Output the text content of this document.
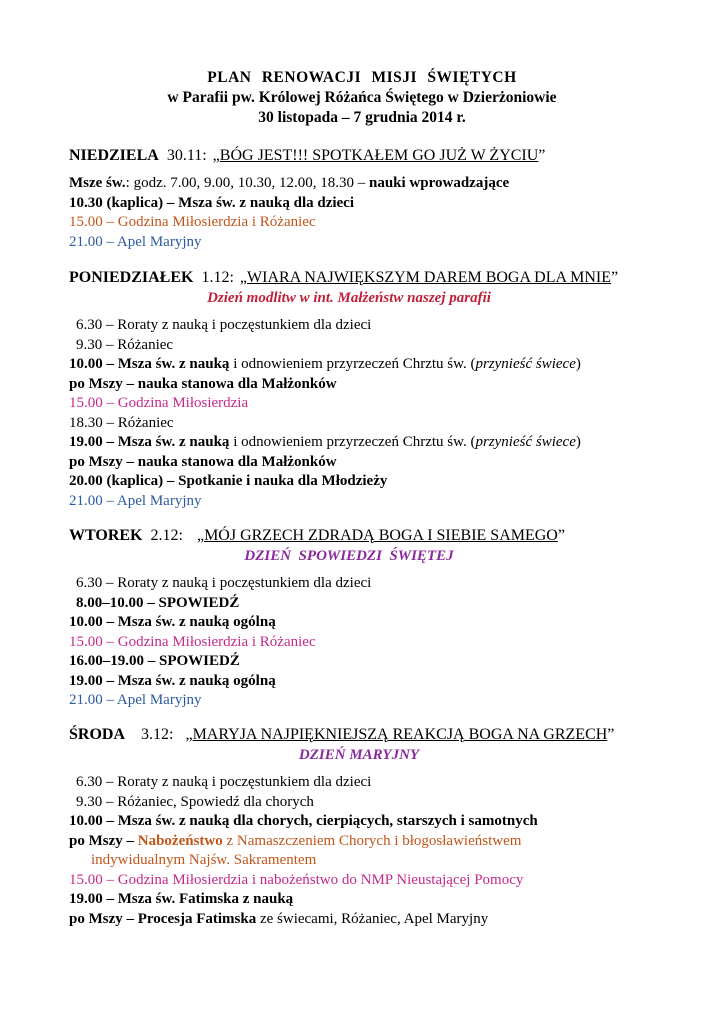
PLAN RENOWACJI MISJI ŚWIĘTYCH
w Parafii pw. Królowej Różańca Świętego w Dzierżoniowie
30 listopada – 7 grudnia 2014 r.
NIEDZIELA 30.11: „BÓG JEST!!! SPOTKAŁEM GO JUŻ W ŻYCIU”
Msze św.: godz. 7.00, 9.00, 10.30, 12.00, 18.30 – nauki wprowadzające
10.30 (kaplica) – Msza św. z nauką dla dzieci
15.00 – Godzina Miłosierdzia i Różaniec
21.00 – Apel Maryjny
PONIEDZIAŁEK 1.12: „WIARA NAJWIĘKSZYM DAREM BOGA DLA MNIE”
Dzień modlitw w int. Małżeństw naszej parafii
6.30 – Roraty z nauką i poczęstunkiem dla dzieci
9.30 – Różaniec
10.00 – Msza św. z nauką i odnowieniem przyrzeczeń Chrztu św. (przynieść świece)
po Mszy – nauka stanowa dla Małżonków
15.00 – Godzina Miłosierdzia
18.30 – Różaniec
19.00 – Msza św. z nauką i odnowieniem przyrzeczeń Chrztu św. (przynieść świece)
po Mszy – nauka stanowa dla Małżonków
20.00 (kaplica) – Spotkanie i nauka dla Młodzieży
21.00 – Apel Maryjny
WTOREK 2.12: „MÓJ GRZECH ZDRADĄ BOGA I SIEBIE SAMEGO”
DZIEŃ  SPOWIEDZI  ŚWIĘTEJ
6.30 – Roraty z nauką i poczęstunkiem dla dzieci
8.00–10.00 – SPOWIEDŹ
10.00 – Msza św. z nauką ogólną
15.00 – Godzina Miłosierdzia i Różaniec
16.00–19.00 – SPOWIEDŹ
19.00 – Msza św. z nauką ogólną
21.00 – Apel Maryjny
ŚRODA 3.12: „MARYJA NAJPIĘKNIEJSZĄ REAKCJĄ BOGA NA GRZECH”
DZIEŃ MARYJNY
6.30 – Roraty z nauką i poczęstunkiem dla dzieci
9.30 – Różaniec, Spowiedź dla chorych
10.00 – Msza św. z nauką dla chorych, cierpiących, starszych i samotnych
po Mszy – Nabożeństwo z Namaszczeniem Chorych i błogosławieństwem
indywidualnym Najśw. Sakramentem
15.00 – Godzina Miłosierdzia i nabożeństwo do NMP Nieustającej Pomocy
19.00 – Msza św. Fatimska z nauką
po Mszy – Procesja Fatimska ze świecami, Różaniec, Apel Maryjny
